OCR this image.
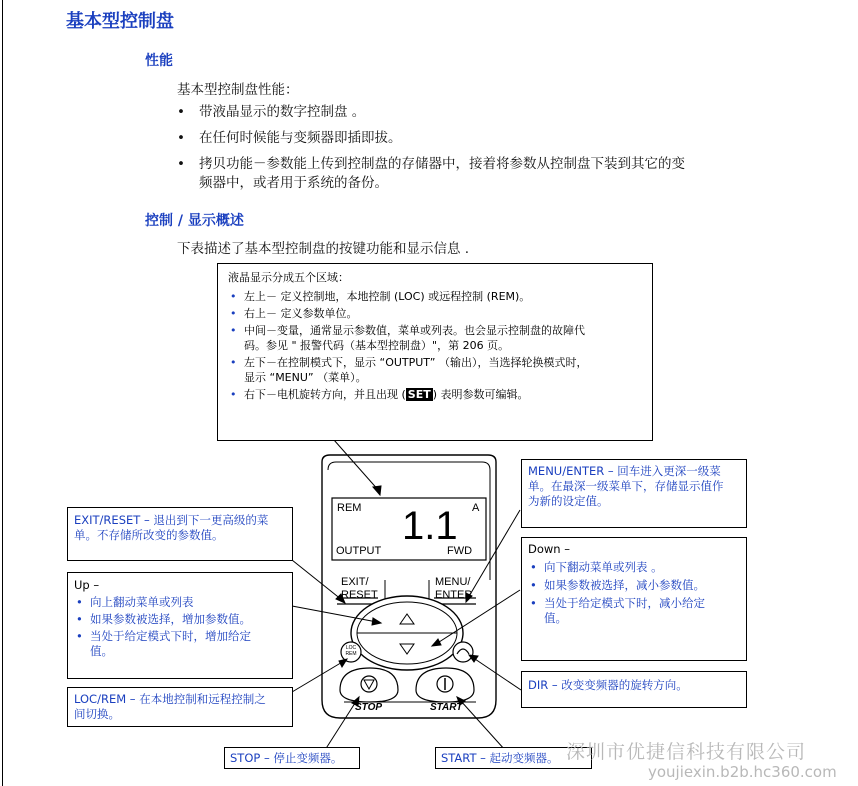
基本型控制盘
性能
基本型控制盘性能：
• 带液晶显示的数字控制盘 。
• 在任何时候能与变频器即插即拔。
• 拷贝功能－参数能上传到控制盘的存储器中，接着将参数从控制盘下装到其它的变
频器中，或者用于系统的备份。
控制 / 显示概述
下表描述了基本型控制盘的按键功能和显示信息 .
REM	A
1.1
OUTPUT	FWD
EXIT/
RESET
MENU/
ENTER
LOC
REM
STOP	START
液晶显示分成五个区域：
• 左上－ 定义控制地，本地控制 (LOC) 或远程控制 (REM)。
• 右上－ 定义参数单位。
• 中间－变量，通常显示参数值，菜单或列表。也会显示控制盘的故障代
码。参见 " 报警代码（基本型控制盘）"，第 206 页。
• 左下－在控制模式下，显示 “OUTPUT” （输出），当选择轮换模式时，
显示 “MENU” （菜单）。
• 右下－电机旋转方向，并且出现 ( SET ) 表明参数可编辑。
EXIT/RESET – 退出到下一更高级的菜
单。不存储所改变的参数值。
Up –
• 向上翻动菜单或列表
• 如果参数被选择，增加参数值。
• 当处于给定模式下时，增加给定
值。
LOC/REM – 在本地控制和远程控制之
间切换。
STOP – 停止变频器。
MENU/ENTER – 回车进入更深一级菜
单。在最深一级菜单下，存储显示值作
为新的设定值。
Down –
• 向下翻动菜单或列表 。
• 如果参数被选择，减小参数值。
• 当处于给定模式下时，减小给定
值。
DIR – 改变变频器的旋转方向。
START – 起动变频器。 深圳市优捷信科技有限公司
youjiexin.b2b.hc360.com
